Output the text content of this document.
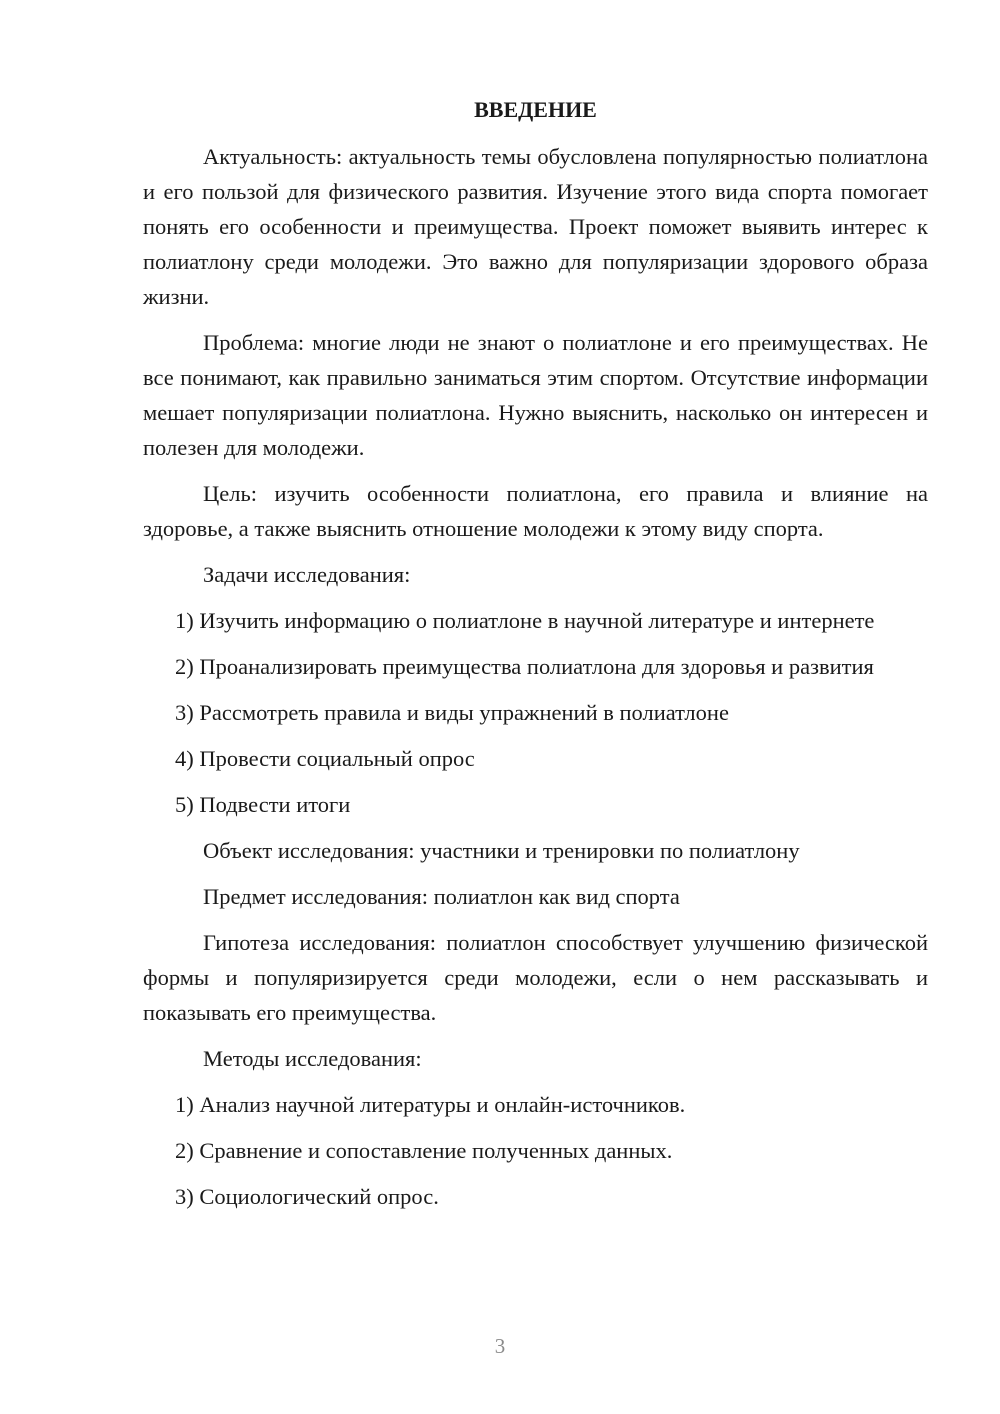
ВВЕДЕНИЕ

Актуальность: актуальность темы обусловлена популярностью полиатлона и его пользой для физического развития. Изучение этого вида спорта помогает понять его особенности и преимущества. Проект поможет выявить интерес к полиатлону среди молодежи. Это важно для популяризации здорового образа жизни.

Проблема: многие люди не знают о полиатлоне и его преимуществах. Не все понимают, как правильно заниматься этим спортом. Отсутствие информации мешает популяризации полиатлона. Нужно выяснить, насколько он интересен и полезен для молодежи.

Цель: изучить особенности полиатлона, его правила и влияние на здоровье, а также выяснить отношение молодежи к этому виду спорта.

Задачи исследования:

1) Изучить информацию о полиатлоне в научной литературе и интернете

2) Проанализировать преимущества полиатлона для здоровья и развития

3) Рассмотреть правила и виды упражнений в полиатлоне

4) Провести социальный опрос

5) Подвести итоги

Объект исследования: участники и тренировки по полиатлону

Предмет исследования: полиатлон как вид спорта

Гипотеза исследования: полиатлон способствует улучшению физической формы и популяризируется среди молодежи, если о нем рассказывать и показывать его преимущества.

Методы исследования:

1) Анализ научной литературы и онлайн-источников.

2) Сравнение и сопоставление полученных данных.

3) Социологический опрос.

3
